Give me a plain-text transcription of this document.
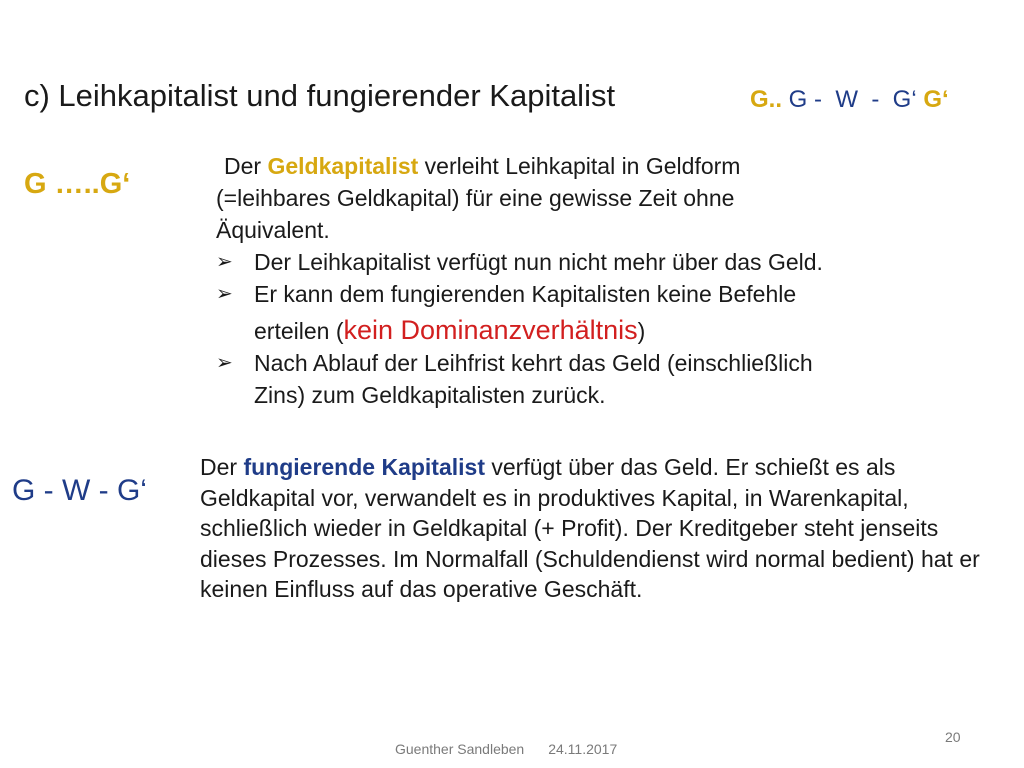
c) Leihkapitalist und fungierender Kapitalist	G.. G -  W  -  G‘ G‘
G …..G‘

Der Geldkapitalist verleiht Leihkapital in Geldform

(=leihbares Geldkapital) für eine gewisse Zeit ohne

Äquivalent.

➢ Der Leihkapitalist verfügt nun nicht mehr über das Geld.
➢ Er kann dem fungierenden Kapitalisten keine Befehle
erteilen (kein Dominanzverhältnis)
➢ Nach Ablauf der Leihfrist kehrt das Geld (einschließlich
Zins) zum Geldkapitalisten zurück.
G - W - G‘
Der fungierende Kapitalist verfügt über das Geld. Er schießt es als Geldkapital vor, verwandelt es in produktives Kapital, in Warenkapital, schließlich wieder in Geldkapital (+ Profit). Der Kreditgeber steht jenseits dieses Prozesses. Im Normalfall (Schuldendienst wird normal bedient) hat er keinen Einfluss auf das operative Geschäft.
Guenther Sandleben 24.11.2017
20
